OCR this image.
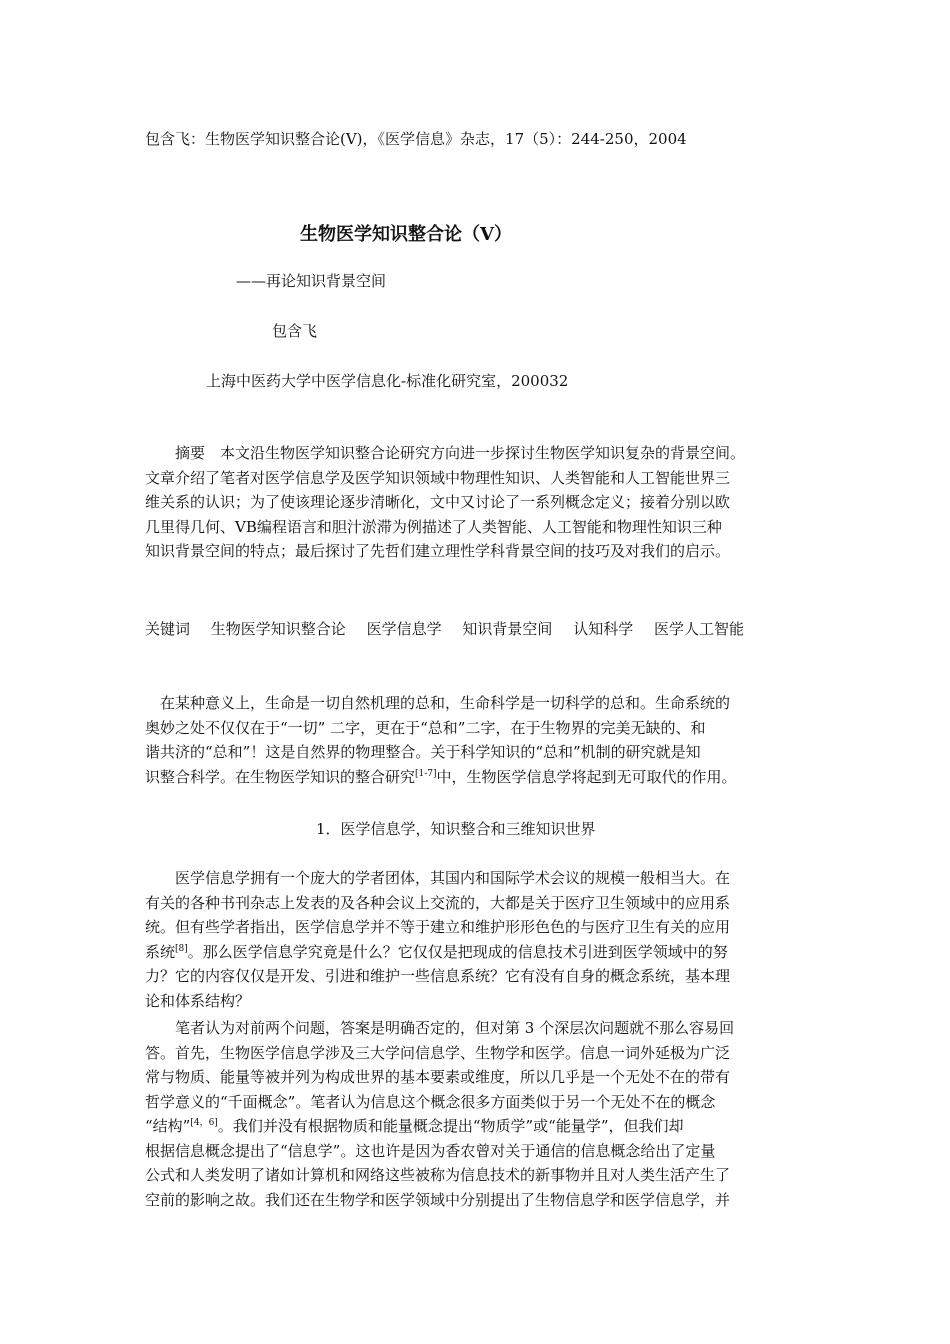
包含飞：生物医学知识整合论(V)，《医学信息》杂志，17（5）：244-250，2004
生物医学知识整合论（Ⅴ）
——再论知识背景空间
包含飞
上海中医药大学中医学信息化-标准化研究室，200032

　　摘要　本文沿生物医学知识整合论研究方向进一步探讨生物医学知识复杂的背景空间。
文章介绍了笔者对医学信息学及医学知识领域中物理性知识、人类智能和人工智能世界三
维关系的认识；为了使该理论逐步清晰化，文中又讨论了一系列概念定义；接着分别以欧
几里得几何、VB编程语言和胆汁淤滞为例描述了人类智能、人工智能和物理性知识三种
知识背景空间的特点；最后探讨了先哲们建立理性学科背景空间的技巧及对我们的启示。

关键词 生物医学知识整合论 医学信息学 知识背景空间 认知科学 医学人工智能

　在某种意义上，生命是一切自然机理的总和，生命科学是一切科学的总和。生命系统的
奥妙之处不仅仅在于“一切” 二字，更在于“总和”二字，在于生物界的完美无缺的、和
谐共济的“总和”！这是自然界的物理整合。关于科学知识的“总和”机制的研究就是知
识整合科学。在生物医学知识的整合研究[1-7]中，生物医学信息学将起到无可取代的作用。

1．医学信息学，知识整合和三维知识世界

　　医学信息学拥有一个庞大的学者团体，其国内和国际学术会议的规模一般相当大。在
有关的各种书刊杂志上发表的及各种会议上交流的，大都是关于医疗卫生领域中的应用系
统。但有些学者指出，医学信息学并不等于建立和维护形形色色的与医疗卫生有关的应用
系统[8]。那么医学信息学究竟是什么？它仅仅是把现成的信息技术引进到医学领域中的努
力？它的内容仅仅是开发、引进和维护一些信息系统？它有没有自身的概念系统，基本理
论和体系结构？

　　笔者认为对前两个问题，答案是明确否定的，但对第 3 个深层次问题就不那么容易回
答。首先，生物医学信息学涉及三大学问信息学、生物学和医学。信息一词外延极为广泛
常与物质、能量等被并列为构成世界的基本要素或维度，所以几乎是一个无处不在的带有
哲学意义的“千面概念”。笔者认为信息这个概念很多方面类似于另一个无处不在的概念
“结构”[4，6]。我们并没有根据物质和能量概念提出“物质学”或“能量学”，但我们却
根据信息概念提出了“信息学”。这也许是因为香农曾对关于通信的信息概念给出了定量
公式和人类发明了诸如计算机和网络这些被称为信息技术的新事物并且对人类生活产生了
空前的影响之故。我们还在生物学和医学领域中分别提出了生物信息学和医学信息学，并
